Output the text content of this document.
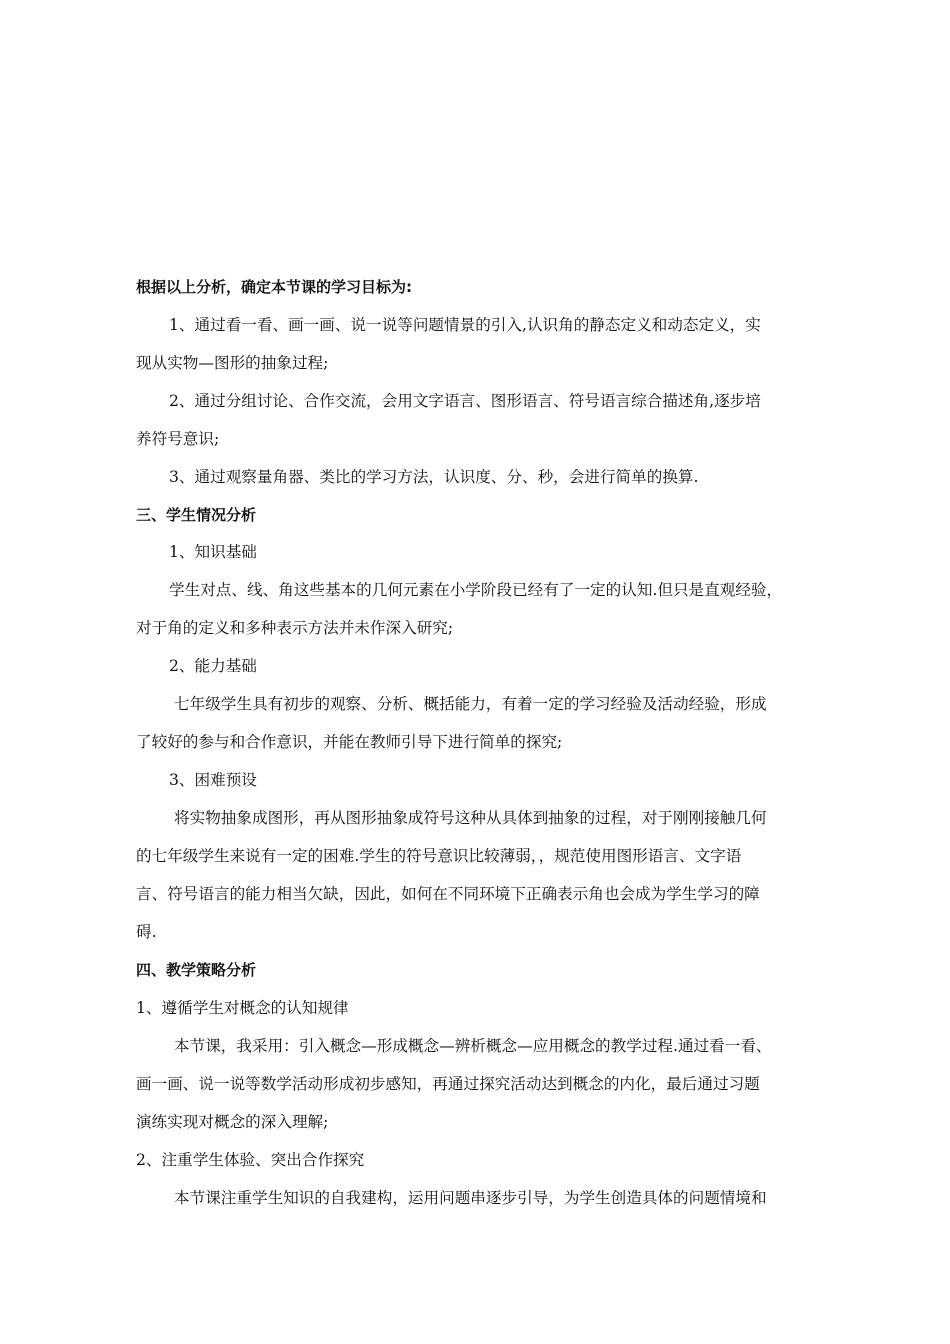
根据以上分析，确定本节课的学习目标为:
1、通过看一看、画一画、说一说等问题情景的引入,认识角的静态定义和动态定义，实
现从实物—图形的抽象过程;
2、通过分组讨论、合作交流，会用文字语言、图形语言、符号语言综合描述角,逐步培
养符号意识;
3、通过观察量角器、类比的学习方法，认识度、分、秒，会进行简单的换算.
三、学生情况分析
1、知识基础
学生对点、线、角这些基本的几何元素在小学阶段已经有了一定的认知.但只是直观经验，
对于角的定义和多种表示方法并未作深入研究;
2、能力基础
七年级学生具有初步的观察、分析、概括能力，有着一定的学习经验及活动经验，形成
了较好的参与和合作意识，并能在教师引导下进行简单的探究;
3、困难预设
将实物抽象成图形，再从图形抽象成符号这种从具体到抽象的过程，对于刚刚接触几何
的七年级学生来说有一定的困难.学生的符号意识比较薄弱，，规范使用图形语言、文字语
言、符号语言的能力相当欠缺，因此，如何在不同环境下正确表示角也会成为学生学习的障
碍.
四、教学策略分析
1、遵循学生对概念的认知规律
本节课，我采用：引入概念—形成概念—辨析概念—应用概念的教学过程.通过看一看、
画一画、说一说等数学活动形成初步感知，再通过探究活动达到概念的内化，最后通过习题
演练实现对概念的深入理解;
2、注重学生体验、突出合作探究
本节课注重学生知识的自我建构，运用问题串逐步引导，为学生创造具体的问题情境和
